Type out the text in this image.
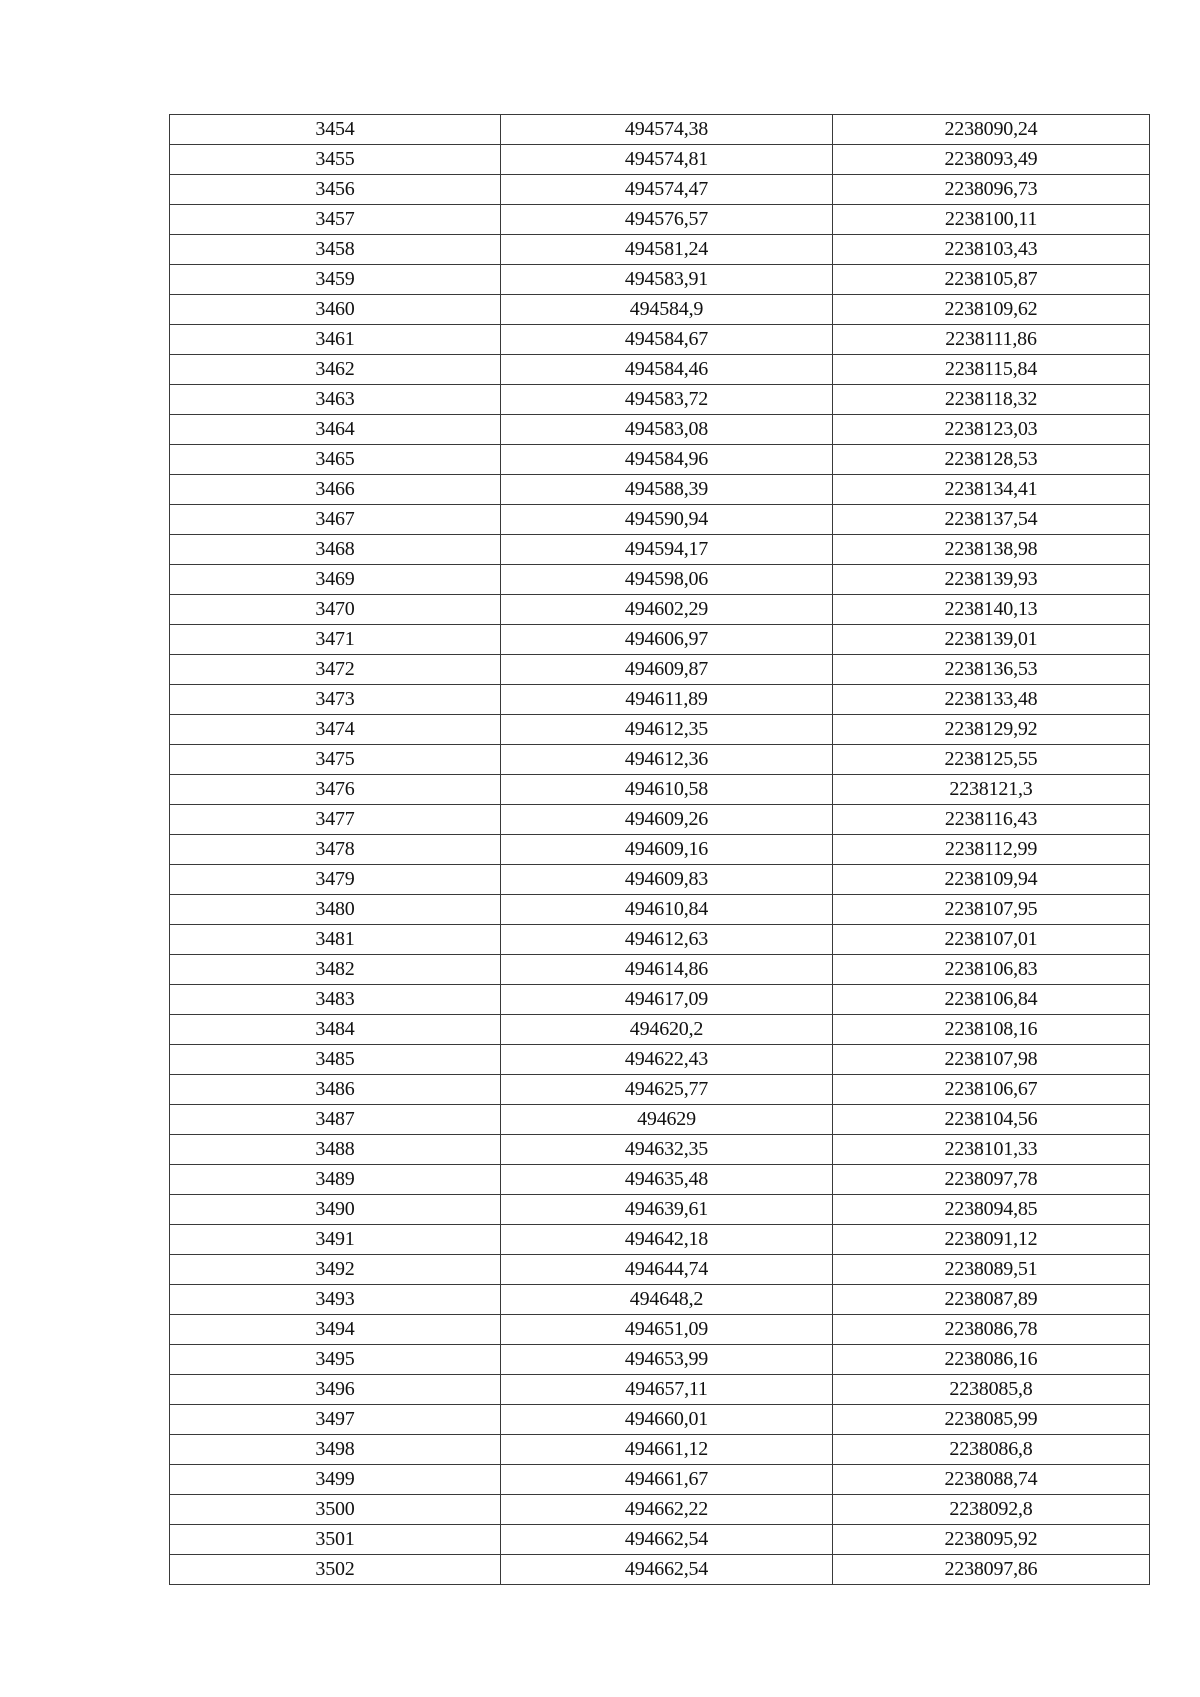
3454	494574,38	2238090,24
3455	494574,81	2238093,49
3456	494574,47	2238096,73
3457	494576,57	2238100,11
3458	494581,24	2238103,43
3459	494583,91	2238105,87
3460	494584,9	2238109,62
3461	494584,67	2238111,86
3462	494584,46	2238115,84
3463	494583,72	2238118,32
3464	494583,08	2238123,03
3465	494584,96	2238128,53
3466	494588,39	2238134,41
3467	494590,94	2238137,54
3468	494594,17	2238138,98
3469	494598,06	2238139,93
3470	494602,29	2238140,13
3471	494606,97	2238139,01
3472	494609,87	2238136,53
3473	494611,89	2238133,48
3474	494612,35	2238129,92
3475	494612,36	2238125,55
3476	494610,58	2238121,3
3477	494609,26	2238116,43
3478	494609,16	2238112,99
3479	494609,83	2238109,94
3480	494610,84	2238107,95
3481	494612,63	2238107,01
3482	494614,86	2238106,83
3483	494617,09	2238106,84
3484	494620,2	2238108,16
3485	494622,43	2238107,98
3486	494625,77	2238106,67
3487	494629	2238104,56
3488	494632,35	2238101,33
3489	494635,48	2238097,78
3490	494639,61	2238094,85
3491	494642,18	2238091,12
3492	494644,74	2238089,51
3493	494648,2	2238087,89
3494	494651,09	2238086,78
3495	494653,99	2238086,16
3496	494657,11	2238085,8
3497	494660,01	2238085,99
3498	494661,12	2238086,8
3499	494661,67	2238088,74
3500	494662,22	2238092,8
3501	494662,54	2238095,92
3502	494662,54	2238097,86
